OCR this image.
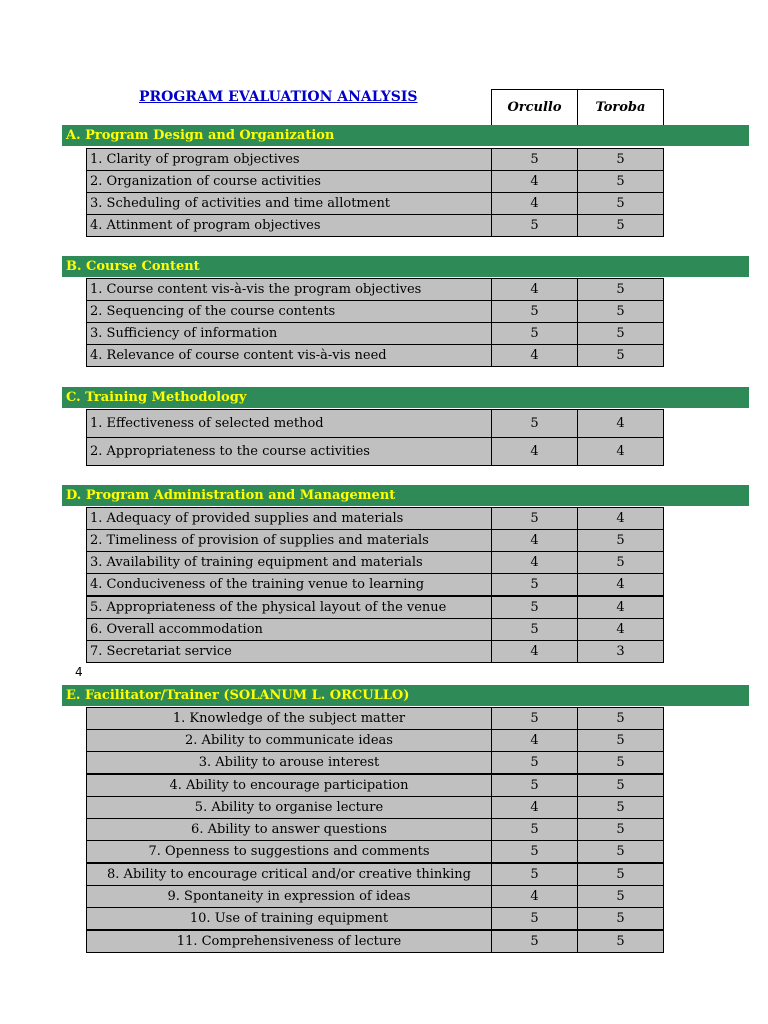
PROGRAM EVALUATION ANALYSIS
Orcullo	Toroba
4
A. Program Design and Organization
1. Clarity of program objectives	5	5
2. Organization of course activities	4	5
3. Scheduling of activities and time allotment	4	5
4. Attinment of program objectives	5	5
B. Course Content
1. Course content vis-à-vis the program objectives	4	5
2. Sequencing of the course contents	5	5
3. Sufficiency of information	5	5
4. Relevance of course content vis-à-vis need	4	5
C. Training Methodology
1. Effectiveness of selected method	5	4
2. Appropriateness to the course activities	4	4
D. Program Administration and Management
1. Adequacy of provided supplies and materials	5	4
2. Timeliness of provision of supplies and materials	4	5
3. Availability of training equipment and materials	4	5
4. Conduciveness of the training venue to learning	5	4
5. Appropriateness of the physical layout of the venue	5	4
6. Overall accommodation	5	4
7. Secretariat service	4	3
E. Facilitator/Trainer (SOLANUM L. ORCULLO)
1. Knowledge of the subject matter	5	5
2. Ability to communicate ideas	4	5
3. Ability to arouse interest	5	5
4. Ability to encourage participation	5	5
5. Ability to organise lecture	4	5
6. Ability to answer questions	5	5
7. Openness to suggestions and comments	5	5
8. Ability to encourage critical and/or creative thinking	5	5
9. Spontaneity in expression of ideas	4	5
10. Use of training equipment	5	5
11. Comprehensiveness of lecture	5	5
